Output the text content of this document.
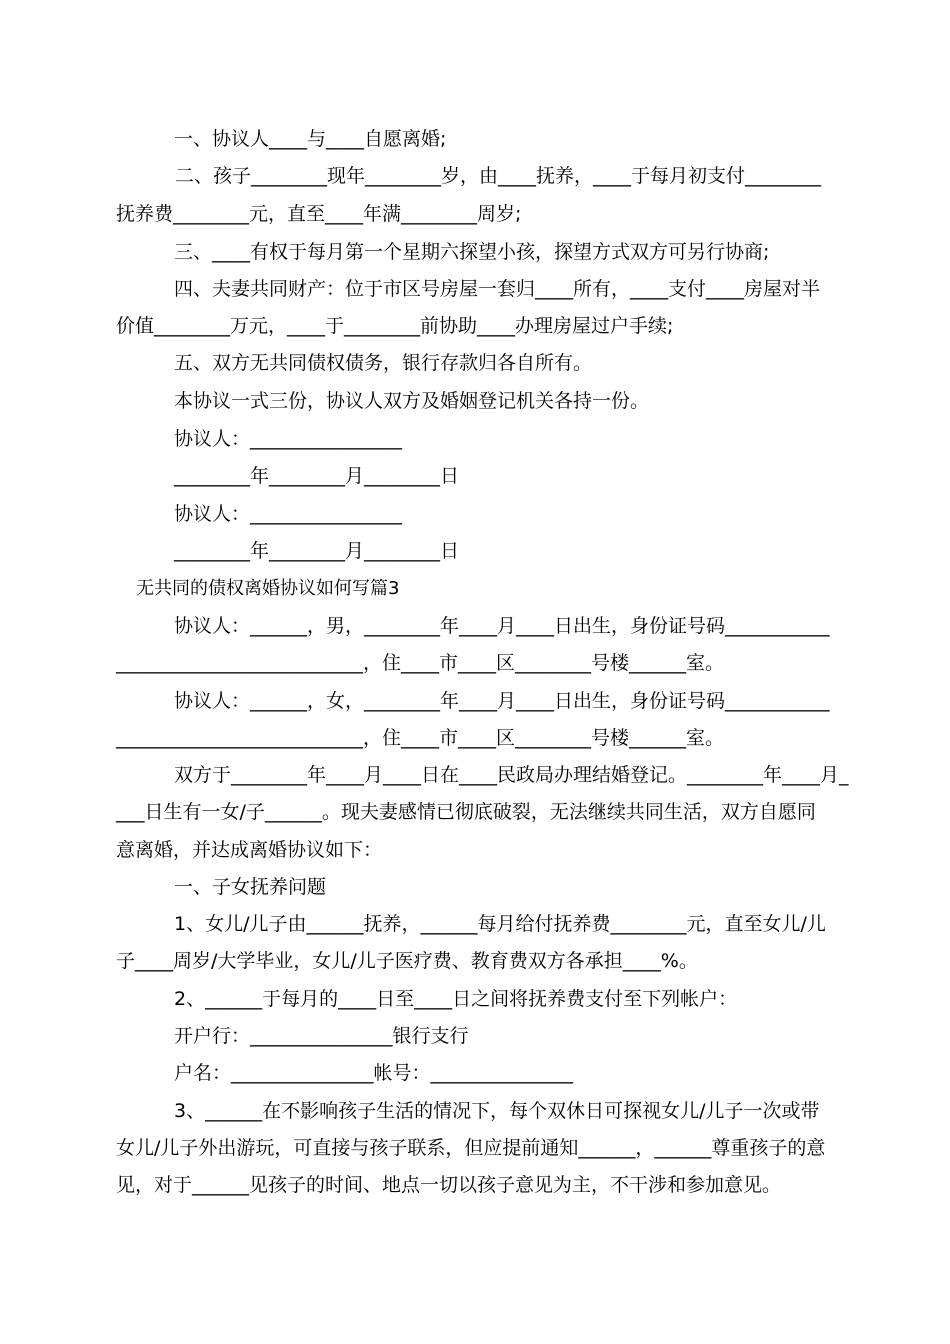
一、协议人____与____自愿离婚;

二、孩子________现年________岁，由____抚养，____于每月初支付________

抚养费________元，直至____年满________周岁;

三、____有权于每月第一个星期六探望小孩，探望方式双方可另行协商;

四、夫妻共同财产：位于市区号房屋一套归____所有，____支付____房屋对半

价值________万元，____于________前协助____办理房屋过户手续;

五、双方无共同债权债务，银行存款归各自所有。

本协议一式三份，协议人双方及婚姻登记机关各持一份。

协议人：________________

________年________月________日

协议人：________________

________年________月________日

无共同的债权离婚协议如何写篇3

协议人：______，男，________年____月____日出生，身份证号码___________

__________________________，住____市____区________号楼______室。

协议人：______，女，________年____月____日出生，身份证号码___________

__________________________，住____市____区________号楼______室。

双方于________年____月____日在____民政局办理结婚登记。________年____月_

___日生有一女/子______。现夫妻感情已彻底破裂，无法继续共同生活，双方自愿同

意离婚，并达成离婚协议如下：

一、子女抚养问题

1、女儿/儿子由______抚养，______每月给付抚养费________元，直至女儿/儿

子____周岁/大学毕业，女儿/儿子医疗费、教育费双方各承担____%。

2、______于每月的____日至____日之间将抚养费支付至下列帐户：

开户行：_______________银行支行

户名：_______________帐号：_______________

3、______在不影响孩子生活的情况下，每个双休日可探视女儿/儿子一次或带

女儿/儿子外出游玩，可直接与孩子联系，但应提前通知______，______尊重孩子的意

见，对于______见孩子的时间、地点一切以孩子意见为主，不干涉和参加意见。
